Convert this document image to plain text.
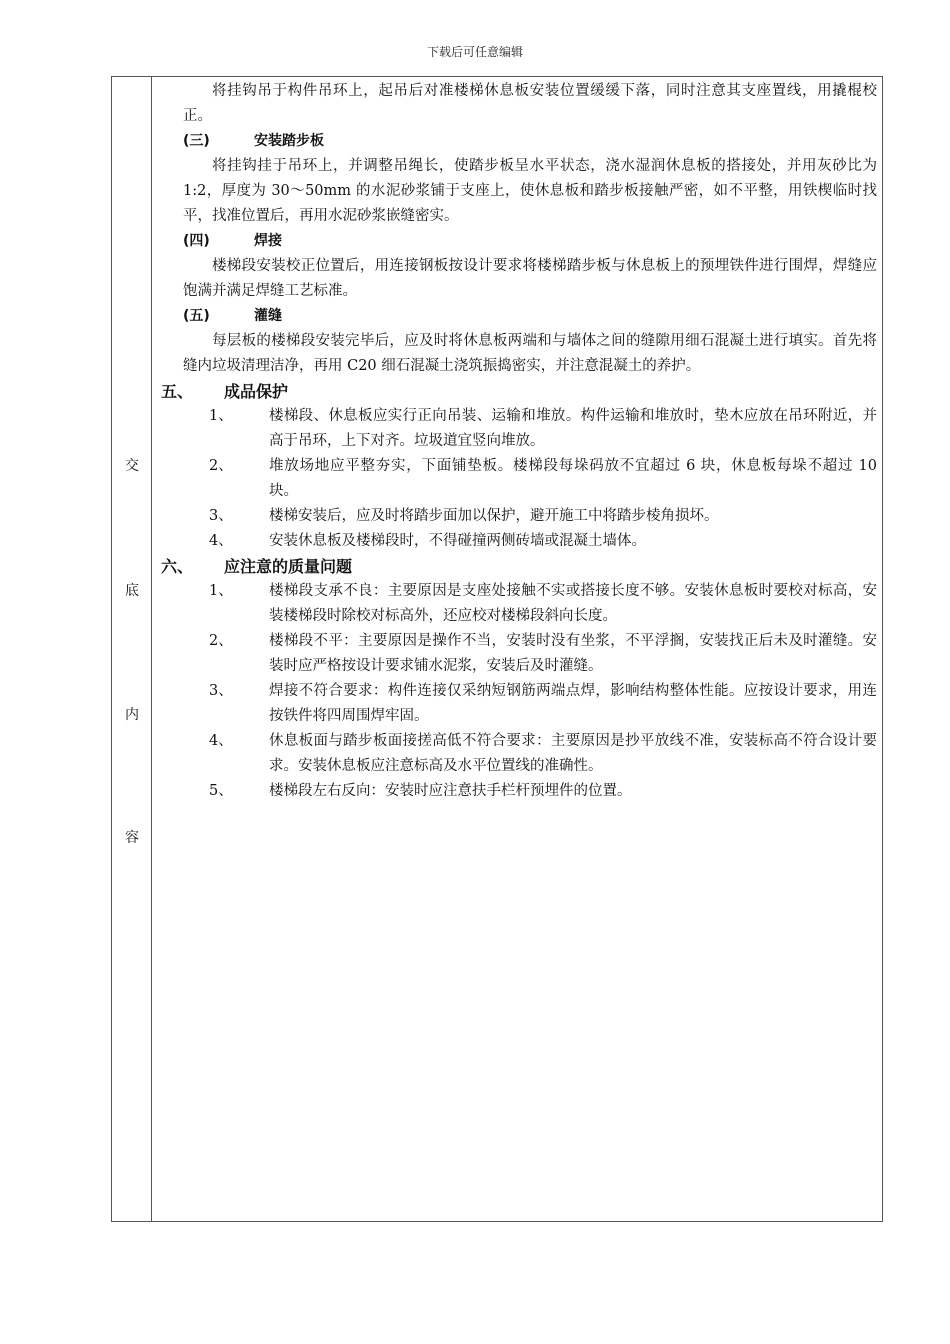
下载后可任意编辑
交
底
内
容

将挂钩吊于构件吊环上，起吊后对准楼梯休息板安装位置缓缓下落，同时注意其支座置线，用撬棍校正。

(三)	安装踏步板

将挂钩挂于吊环上，并调整吊绳长，使踏步板呈水平状态，浇水湿润休息板的搭接处，并用灰砂比为 1:2，厚度为 30～50mm 的水泥砂浆铺于支座上，使休息板和踏步板接触严密，如不平整，用铁楔临时找平，找准位置后，再用水泥砂浆嵌缝密实。

(四)	焊接

楼梯段安装校正位置后，用连接钢板按设计要求将楼梯踏步板与休息板上的预埋铁件进行围焊，焊缝应饱满并满足焊缝工艺标准。

(五)	灌缝

每层板的楼梯段安装完毕后，应及时将休息板两端和与墙体之间的缝隙用细石混凝土进行填实。首先将缝内垃圾清理洁净，再用 C20 细石混凝土浇筑振捣密实，并注意混凝土的养护。

五、 成品保护
1、	楼梯段、休息板应实行正向吊装、运输和堆放。构件运输和堆放时，垫木应放在吊环附近，并高于吊环，上下对齐。垃圾道宜竖向堆放。
2、	堆放场地应平整夯实，下面铺垫板。楼梯段每垛码放不宜超过 6 块，休息板每垛不超过 10 块。
3、	楼梯安装后，应及时将踏步面加以保护，避开施工中将踏步棱角损坏。
4、	安装休息板及楼梯段时，不得碰撞两侧砖墙或混凝土墙体。
六、 应注意的质量问题
1、	楼梯段支承不良：主要原因是支座处接触不实或搭接长度不够。安装休息板时要校对标高，安装楼梯段时除校对标高外，还应校对楼梯段斜向长度。
2、	楼梯段不平：主要原因是操作不当，安装时没有坐浆，不平浮搁，安装找正后未及时灌缝。安装时应严格按设计要求铺水泥浆，安装后及时灌缝。
3、	焊接不符合要求：构件连接仅采纳短钢筋两端点焊，影响结构整体性能。应按设计要求，用连按铁件将四周围焊牢固。
4、	休息板面与踏步板面接搓高低不符合要求：主要原因是抄平放线不准，安装标高不符合设计要求。安装休息板应注意标高及水平位置线的准确性。
5、	楼梯段左右反向：安装时应注意扶手栏杆预埋件的位置。
